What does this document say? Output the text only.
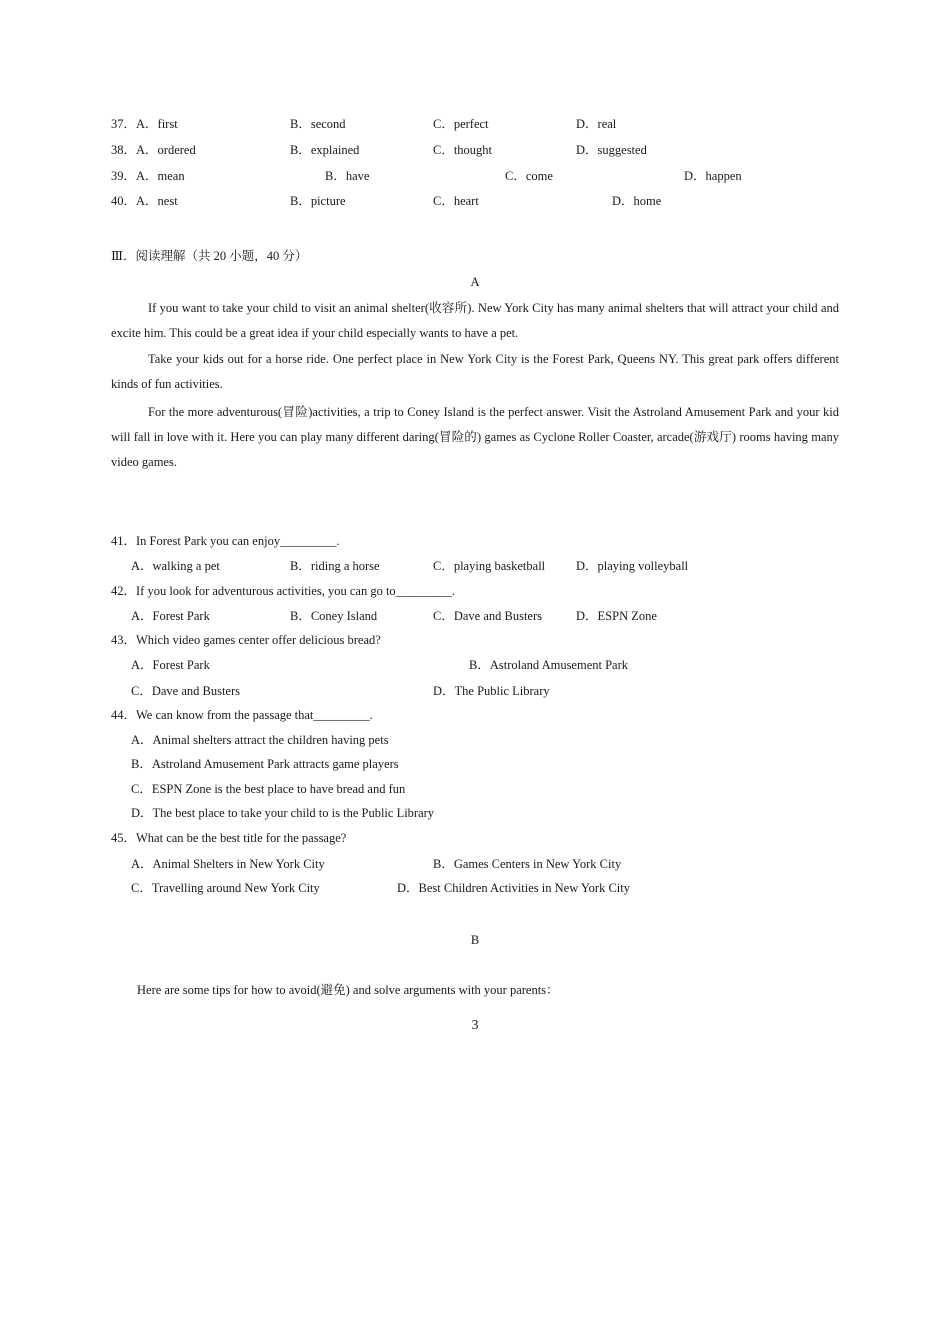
37． A．first	B．second	C．perfect	D．real
38． A．ordered	B．explained	C．thought	D．suggested
39． A．mean	B．have	C．come	D．happen
40． A．nest	B．picture	C．heart	D．home
Ⅲ．阅读理解（共 20 小题，40 分）
A
If you want to take your child to visit an animal shelter(收容所). New York City has many animal shelters that will attract your child and excite him. This could be a great idea if your child especially wants to have a pet.
Take your kids out for a horse ride. One perfect place in New York City is the Forest Park, Queens NY. This great park offers different kinds of fun activities.
For the more adventurous(冒险)activities, a trip to Coney Island is the perfect answer. Visit the Astroland Amusement Park and your kid will fall in love with it. Here you can play many different daring(冒险的) games as Cyclone Roller Coaster, arcade(游戏厅) rooms having many video games.
41．In Forest Park you can enjoy_________.
A．walking a pet	B．riding a horse	C．playing basketball D．playing volleyball
42．If you look for adventurous activities, you can go to_________.
A．Forest Park	B．Coney Island	C．Dave and Busters	D．ESPN Zone
43．Which video games center offer delicious bread?
A．Forest Park	B．Astroland Amusement Park
C．Dave and Busters	D．The Public Library
44．We can know from the passage that_________.
A．Animal shelters attract the children having pets
B．Astroland Amusement Park attracts game players
C．ESPN Zone is the best place to have bread and fun
D．The best place to take your child to is the Public Library
45．What can be the best title for the passage?
A．Animal Shelters in New York City	B．Games Centers in New York City
C．Travelling around New York City	D．Best Children Activities in New York City
B
Here are some tips for how to avoid(避免) and solve arguments with your parents：
3
